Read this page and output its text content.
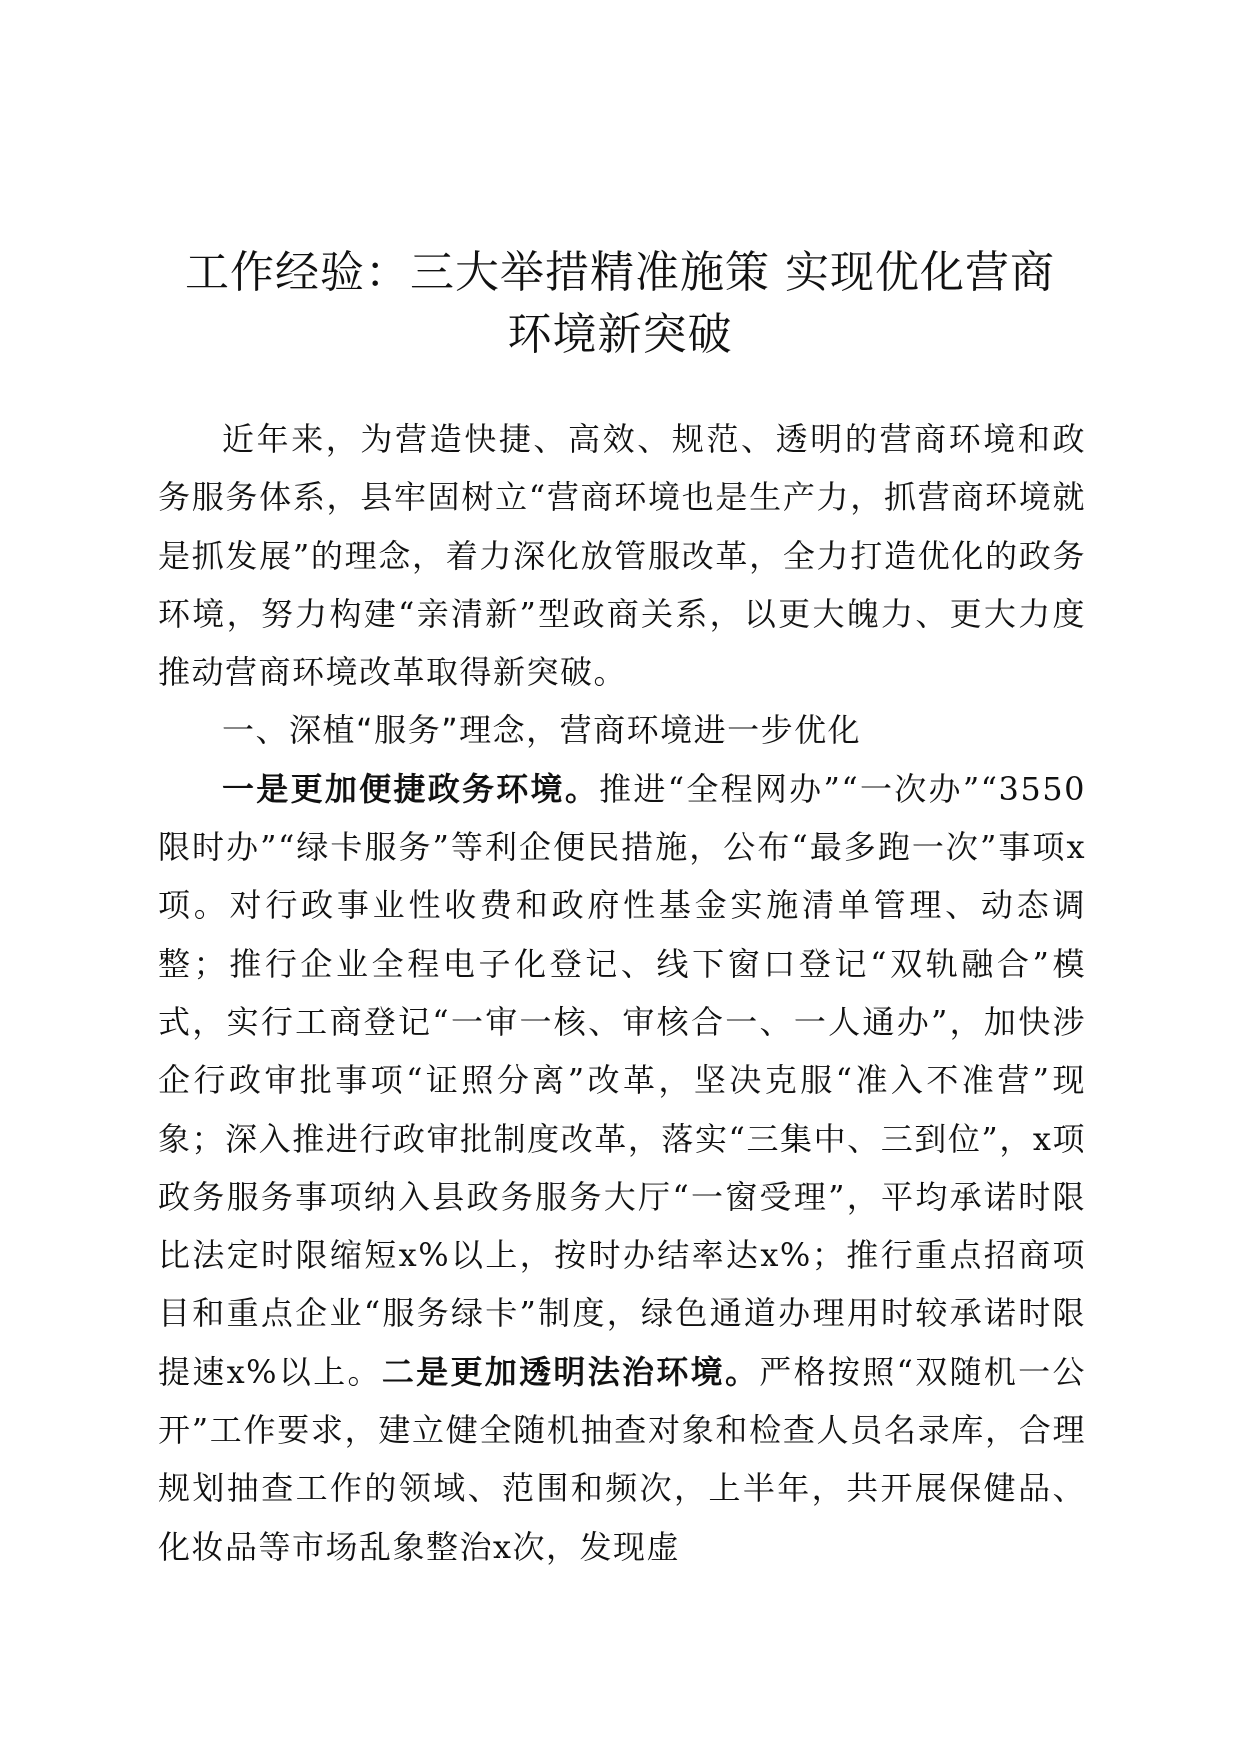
工作经验：三大举措精准施策 实现优化营商
环境新突破

近年来，为营造快捷、高效、规范、透明的营商环境和政务服务体系，县牢固树立“营商环境也是生产力，抓营商环境就是抓发展”的理念，着力深化放管服改革，全力打造优化的政务环境，努力构建“亲清新”型政商关系，以更大魄力、更大力度推动营商环境改革取得新突破。

一、深植“服务”理念，营商环境进一步优化

一是更加便捷政务环境。推进“全程网办”“一次办”“3550限时办”“绿卡服务”等利企便民措施，公布“最多跑一次”事项x项。对行政事业性收费和政府性基金实施清单管理、动态调整；推行企业全程电子化登记、线下窗口登记“双轨融合”模式，实行工商登记“一审一核、审核合一、一人通办”，加快涉企行政审批事项“证照分离”改革，坚决克服“准入不准营”现象；深入推进行政审批制度改革，落实“三集中、三到位”，x项政务服务事项纳入县政务服务大厅“一窗受理”，平均承诺时限比法定时限缩短x%以上，按时办结率达x%；推行重点招商项目和重点企业“服务绿卡”制度，绿色通道办理用时较承诺时限提速x%以上。二是更加透明法治环境。严格按照“双随机一公开”工作要求，建立健全随机抽查对象和检查人员名录库，合理规划抽查工作的领域、范围和频次，上半年，共开展保健品、化妆品等市场乱象整治x次，发现虚
